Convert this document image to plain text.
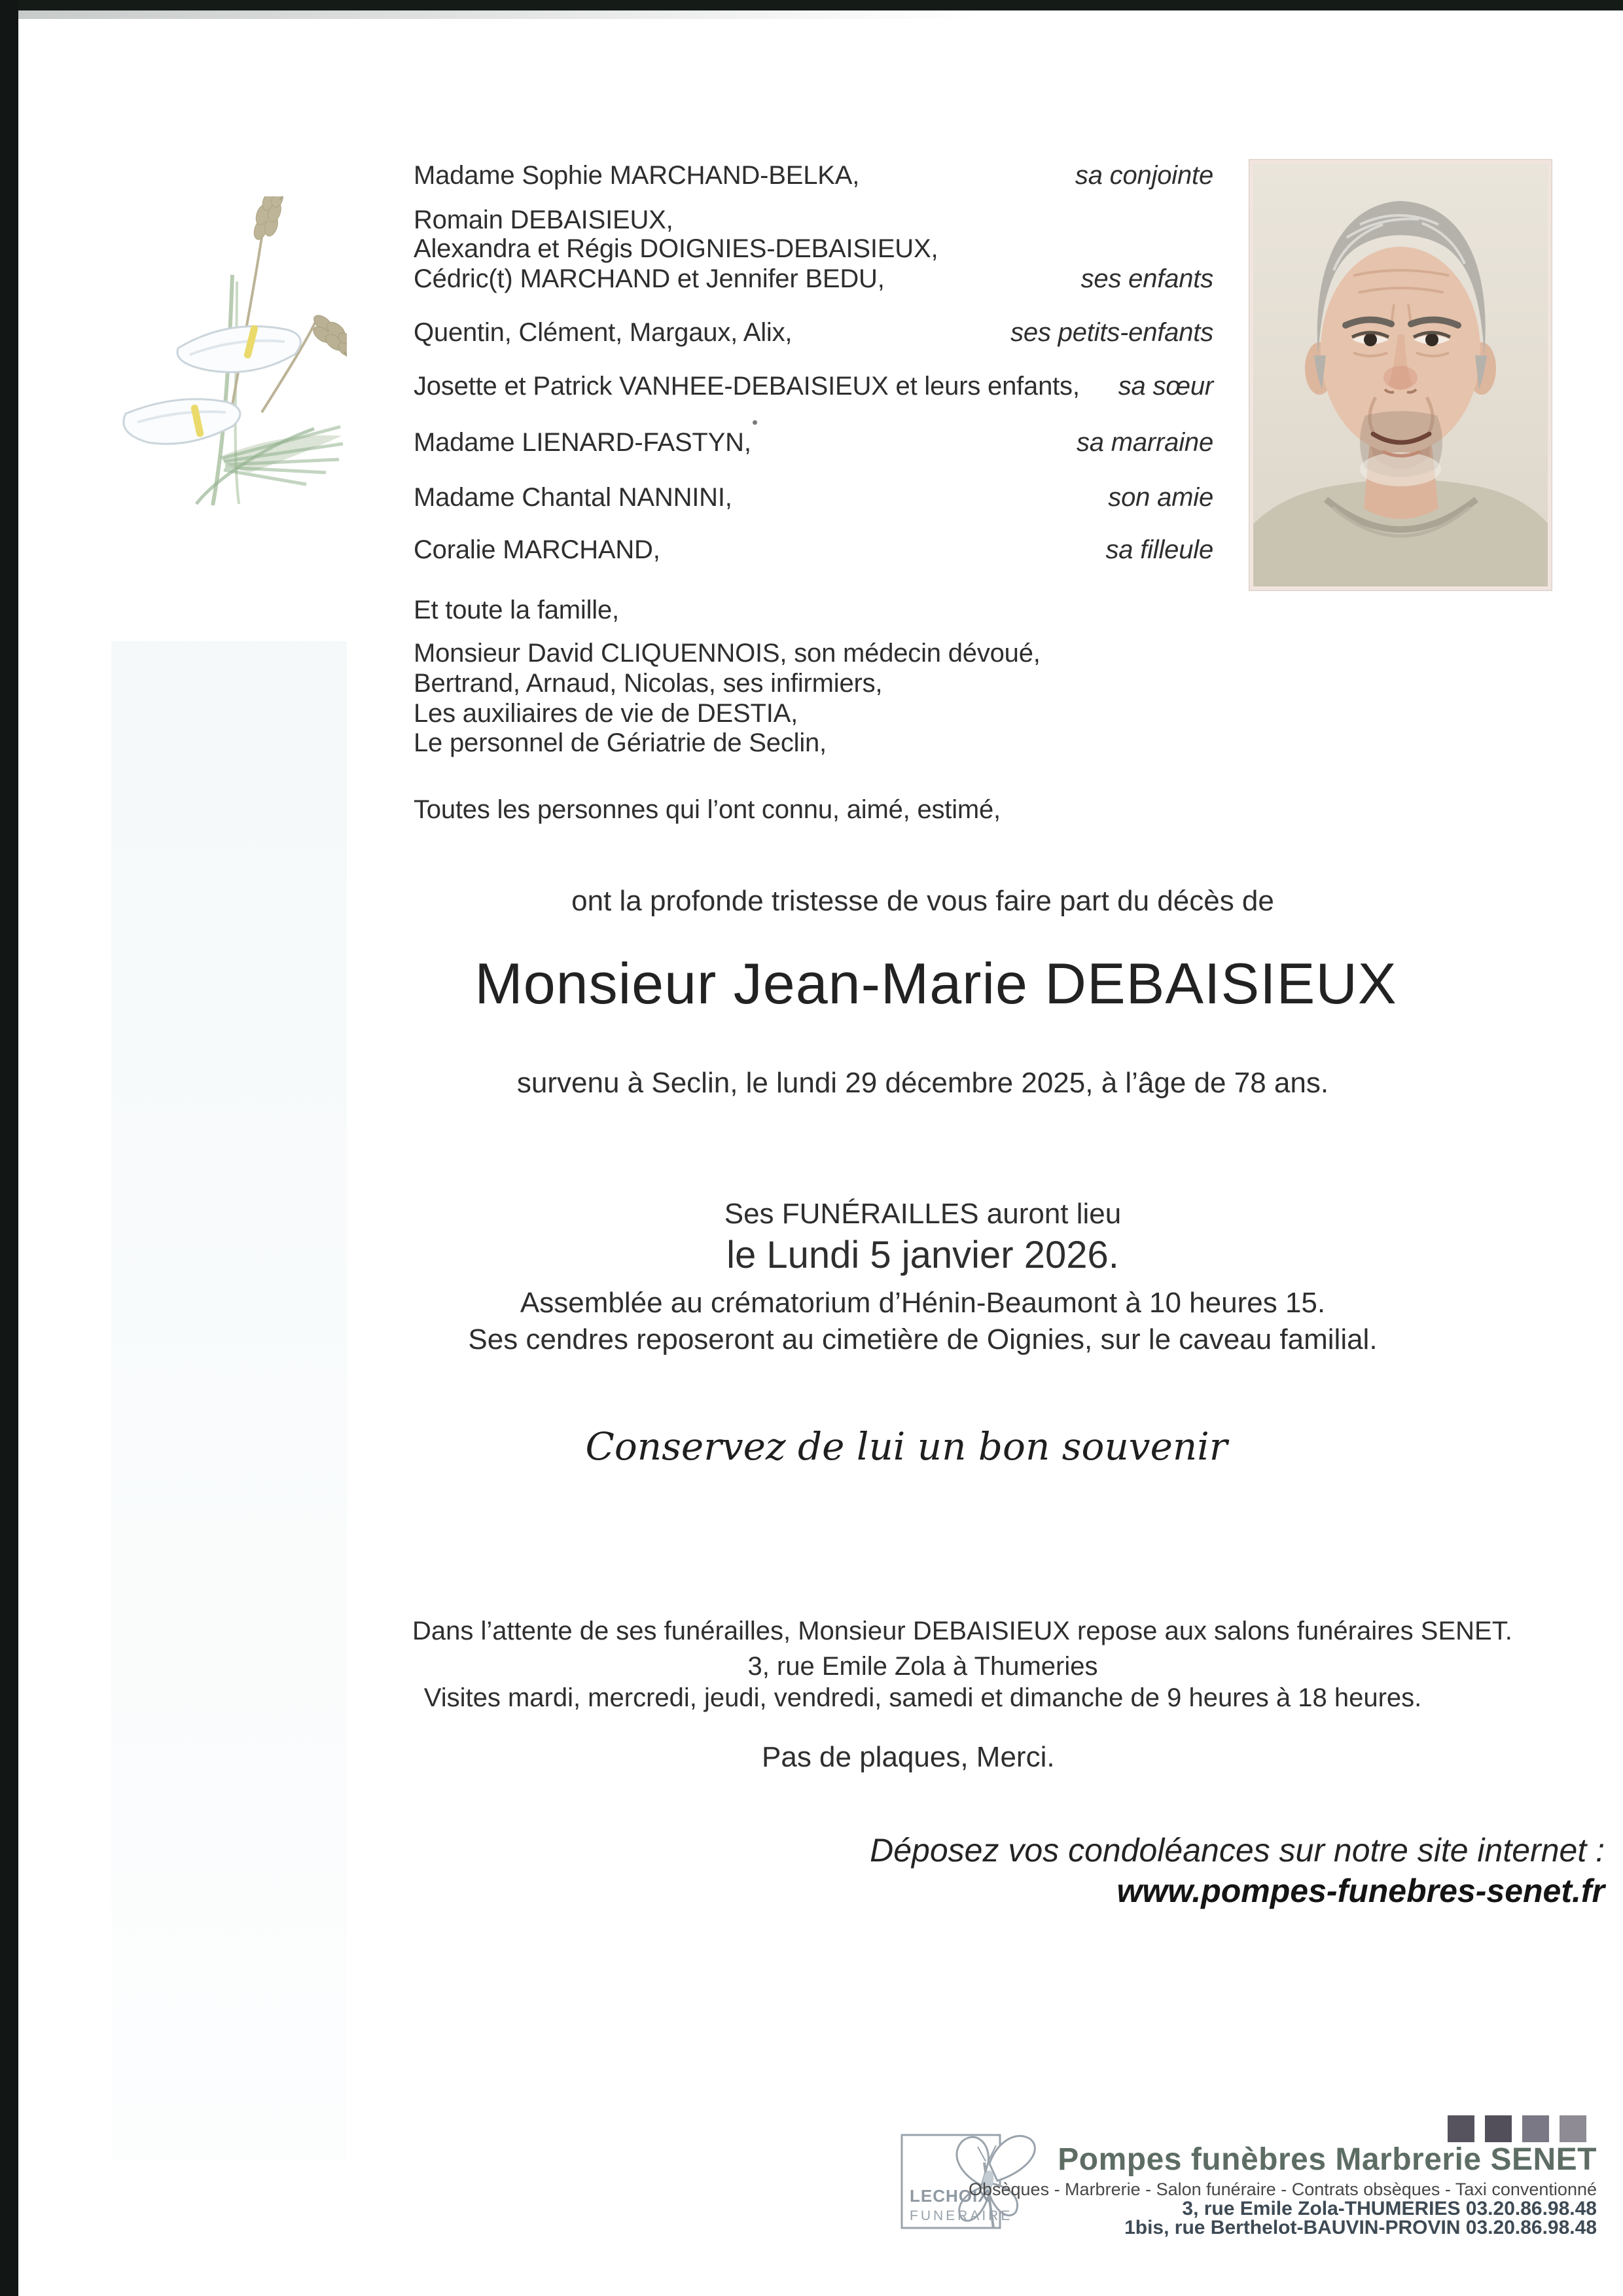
Madame Sophie MARCHAND-BELKA,	sa conjointe
Romain DEBAISIEUX,
Alexandra et Régis DOIGNIES-DEBAISIEUX,
Cédric(t) MARCHAND et Jennifer BEDU,	ses enfants
Quentin, Clément, Margaux, Alix,	ses petits-enfants
Josette et Patrick VANHEE-DEBAISIEUX et leurs enfants, sa sœur
Madame LIENARD-FASTYN,	sa marraine
Madame Chantal NANNINI,	son amie
Coralie MARCHAND,	sa filleule
Et toute la famille,
Monsieur David CLIQUENNOIS, son médecin dévoué,
Bertrand, Arnaud, Nicolas, ses infirmiers,
Les auxiliaires de vie de DESTIA,
Le personnel de Gériatrie de Seclin,
Toutes les personnes qui l’ont connu, aimé, estimé,
ont la profonde tristesse de vous faire part du décès de
Monsieur Jean-Marie DEBAISIEUX
survenu à Seclin, le lundi 29 décembre 2025, à l’âge de 78 ans.
Ses FUNÉRAILLES auront lieu
le Lundi 5 janvier 2026.
Assemblée au crématorium d’Hénin-Beaumont à 10 heures 15.
Ses cendres reposeront au cimetière de Oignies, sur le caveau familial.
Conservez de lui un bon souvenir
Dans l’attente de ses funérailles, Monsieur DEBAISIEUX repose aux salons funéraires SENET.
3, rue Emile Zola à Thumeries
Visites mardi, mercredi, jeudi, vendredi, samedi et dimanche de 9 heures à 18 heures.
Pas de plaques, Merci.
Déposez vos condoléances sur notre site internet :
www.pompes-funebres-senet.fr
LECHOIX
FUNERAIRE
Pompes funèbres Marbrerie SENET
Obsèques - Marbrerie - Salon funéraire - Contrats obsèques - Taxi conventionné
3, rue Emile Zola-THUMERIES 03.20.86.98.48
1bis, rue Berthelot-BAUVIN-PROVIN 03.20.86.98.48
